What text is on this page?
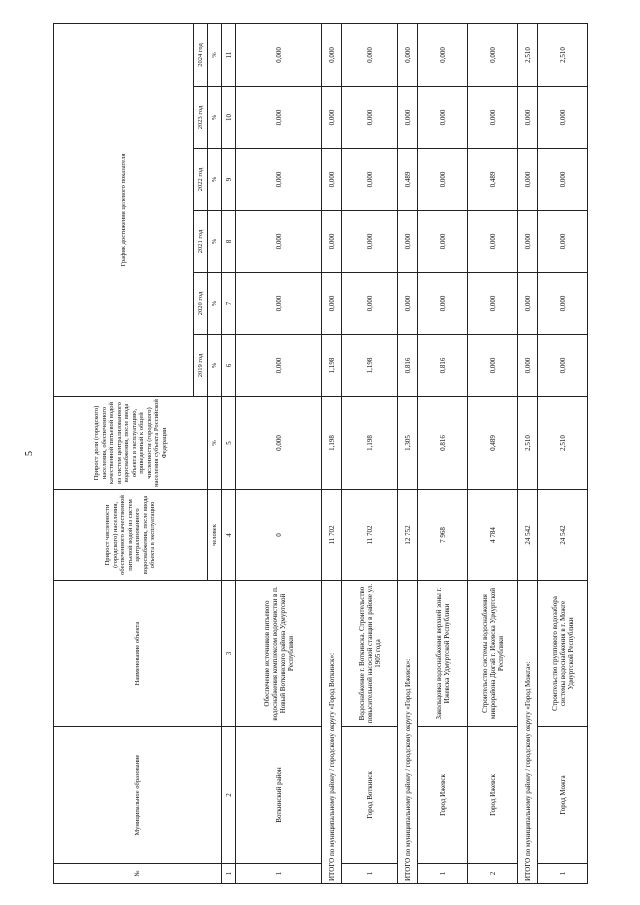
5
№	Муниципальное образование	Наименование объекта	Прирост численности (городского) населения, обеспеченного качественной питьевой водой из систем централизованного водоснабжения, после ввода объекта в эксплуатацию	Прирост доли (городского) населения, обеспеченного качественной питьевой водой из систем централизованного водоснабжения, после ввода объекта в эксплуатацию, приведенный к общей численности (городского) населения субъекта Российской Федерации	График достижения целевого показателя					
					2019 год	2020 год	2021 год	2022 год	2023 год	2024 год
			человек	%	%	%	%	%	%	%
1	2	3	4	5	6	7	8	9	10	11
1	Воткинский район	Обеспечение источников питьевого водоснабжения комплексом водоочистки в п. Новый Воткинского района Удмуртской Республики	0	0,000	0,000	0,000	0,000	0,000	0,000	0,000
ИТОГО по муниципальному району / городскому округу «Город Воткинск»:			11 702	1,198	1,198	0,000	0,000	0,000	0,000	0,000
1	Город Воткинск	Водоснабжение г. Воткинска. Строительство повысительной насосной станции в районе ул. 1905 года	11 702	1,198	1,198	0,000	0,000	0,000	0,000	0,000
ИТОГО по муниципальному району / городскому округу «Город Ижевск»:			12 752	1,305	0,816	0,000	0,000	0,489	0,000	0,000
1	Город Ижевск	Закольцовка водоснабжения верхней зоны г. Ижевска Удмуртской Республики	7 968	0,816	0,816	0,000	0,000	0,000	0,000	0,000
2	Город Ижевск	Строительство системы водоснабжения микрорайона Дюгай г. Ижевска Удмуртской Республики	4 784	0,489	0,000	0,000	0,000	0,489	0,000	0,000
ИТОГО по муниципальному району / городскому округу «Город Можга»:			24 542	2,510	0,000	0,000	0,000	0,000	0,000	2,510
1	Город Можга	Строительство группового водозабора системы водоснабжения в г. Можге Удмуртской Республики	24 542	2,510	0,000	0,000	0,000	0,000	0,000	2,510
